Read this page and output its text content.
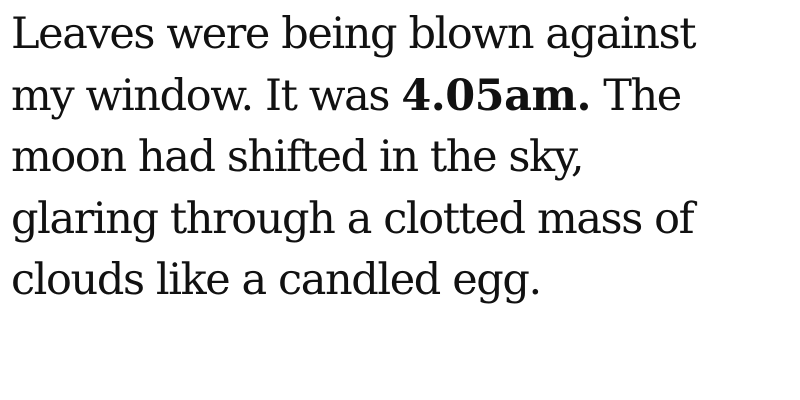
Leaves were being blown against
my window. It was 4.05am. The
moon had shifted in the sky,
glaring through a clotted mass of
clouds like a candled egg.
